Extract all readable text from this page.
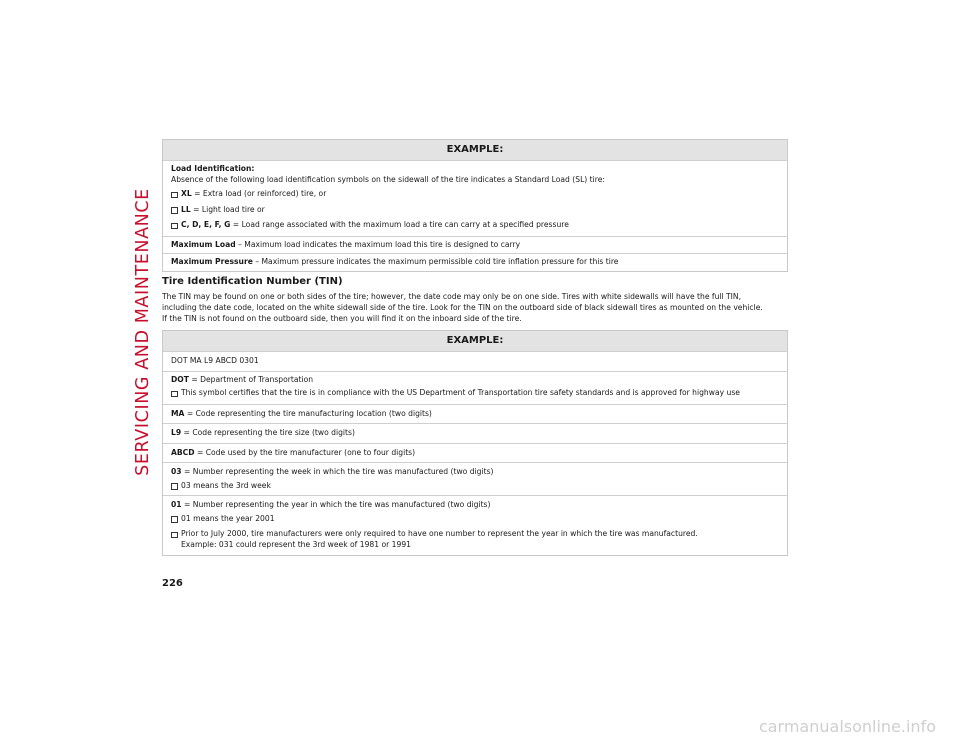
SERVICING AND MAINTENANCE
EXAMPLE:
Load Identification:
Absence of the following load identification symbols on the sidewall of the tire indicates a Standard Load (SL) tire:
XL = Extra load (or reinforced) tire, or
LL = Light load tire or
C, D, E, F, G = Load range associated with the maximum load a tire can carry at a specified pressure
Maximum Load – Maximum load indicates the maximum load this tire is designed to carry
Maximum Pressure – Maximum pressure indicates the maximum permissible cold tire inflation pressure for this tire
Tire Identification Number (TIN)
The TIN may be found on one or both sides of the tire; however, the date code may only be on one side. Tires with white sidewalls will have the full TIN,
including the date code, located on the white sidewall side of the tire. Look for the TIN on the outboard side of black sidewall tires as mounted on the vehicle.
If the TIN is not found on the outboard side, then you will find it on the inboard side of the tire.
EXAMPLE:
DOT MA L9 ABCD 0301
DOT = Department of Transportation
This symbol certifies that the tire is in compliance with the US Department of Transportation tire safety standards and is approved for highway use
MA = Code representing the tire manufacturing location (two digits)
L9 = Code representing the tire size (two digits)
ABCD = Code used by the tire manufacturer (one to four digits)
03 = Number representing the week in which the tire was manufactured (two digits)
03 means the 3rd week
01 = Number representing the year in which the tire was manufactured (two digits)
01 means the year 2001
Prior to July 2000, tire manufacturers were only required to have one number to represent the year in which the tire was manufactured.
Example: 031 could represent the 3rd week of 1981 or 1991
226
carmanualsonline.info
